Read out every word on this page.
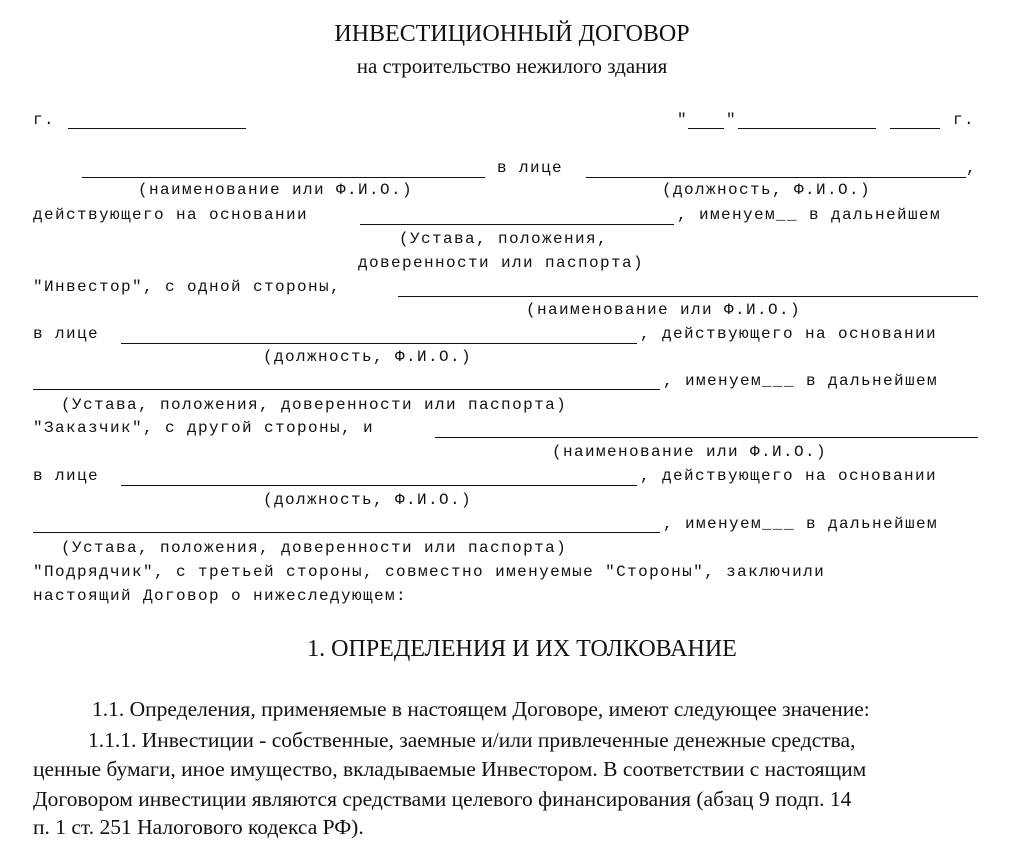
ИНВЕСТИЦИОННЫЙ ДОГОВОР
на строительство нежилого здания
г.	" "	г.
в лице	,
(наименование или Ф.И.О.)	(должность, Ф.И.О.)
действующего на основании	, именуем__ в дальнейшем
(Устава, положения,
доверенности или паспорта)
"Инвестор", с одной стороны,
(наименование или Ф.И.О.)
в лице	, действующего на основании
(должность, Ф.И.О.)
, именуем___ в дальнейшем
(Устава, положения, доверенности или паспорта)
"Заказчик", с другой стороны, и
(наименование или Ф.И.О.)
в лице	, действующего на основании
(должность, Ф.И.О.)
, именуем___ в дальнейшем
(Устава, положения, доверенности или паспорта)
"Подрядчик", с третьей стороны, совместно именуемые "Стороны", заключили
настоящий Договор о нижеследующем:
1. ОПРЕДЕЛЕНИЯ И ИХ ТОЛКОВАНИЕ
1.1. Определения, применяемые в настоящем Договоре, имеют следующее значение:
1.1.1. Инвестиции - собственные, заемные и/или привлеченные денежные средства,
ценные бумаги, иное имущество, вкладываемые Инвестором. В соответствии с настоящим
Договором инвестиции являются средствами целевого финансирования (абзац 9 подп. 14
п. 1 ст. 251 Налогового кодекса РФ).
